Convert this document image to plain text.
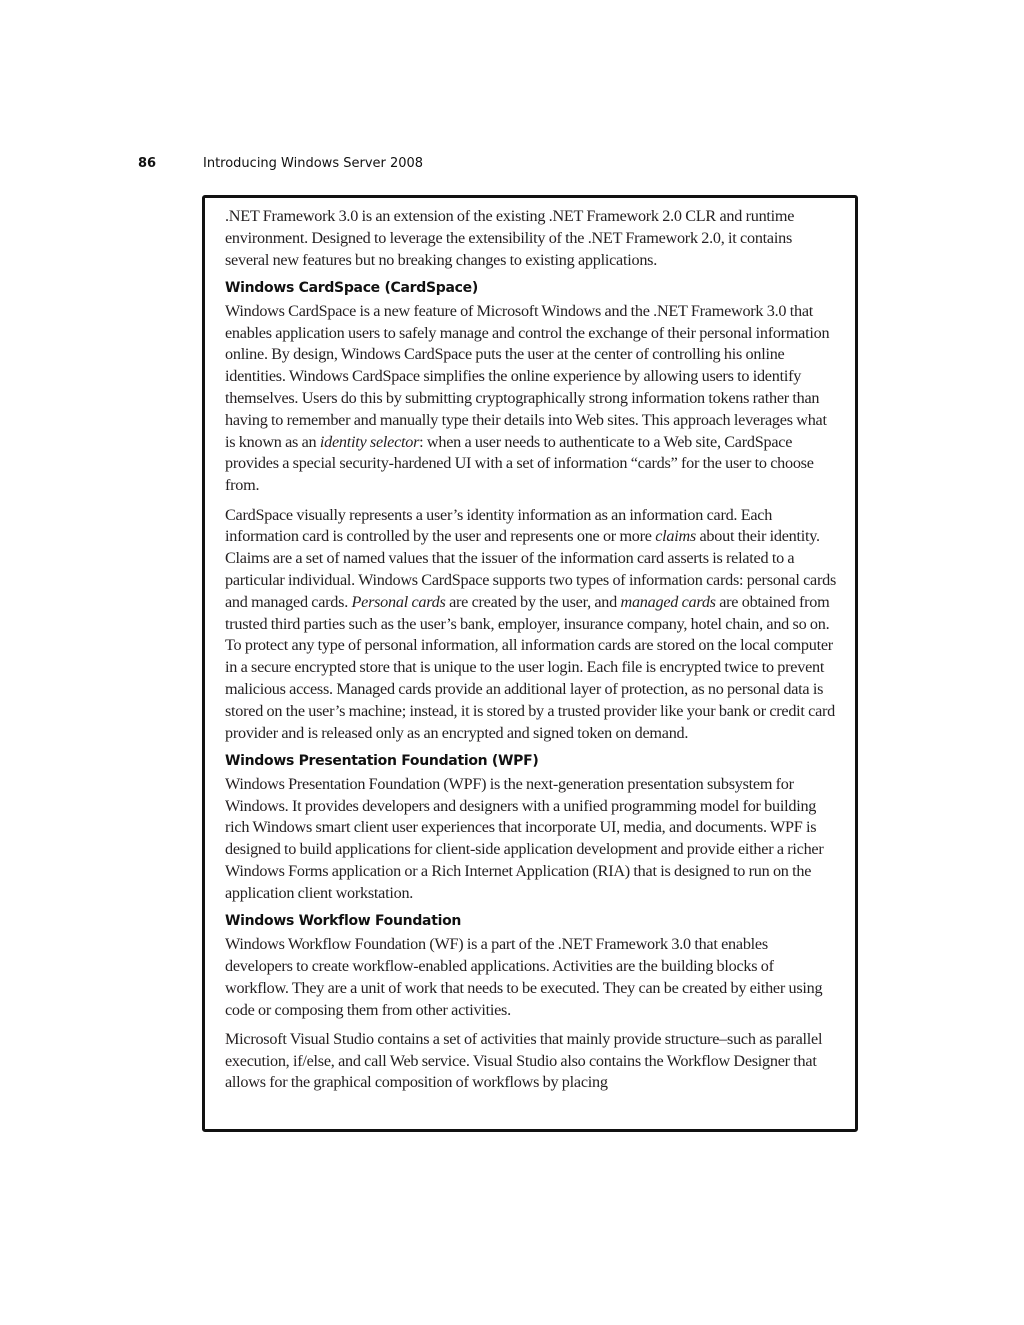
86	Introducing Windows Server 2008

.NET Framework 3.0 is an extension of the existing .NET Framework 2.0 CLR and runtime environment. Designed to leverage the extensibility of the .NET Framework 2.0, it contains several new features but no breaking changes to existing applications.

Windows CardSpace (CardSpace)

Windows CardSpace is a new feature of Microsoft Windows and the .NET Framework 3.0 that enables application users to safely manage and control the exchange of their personal information online. By design, Windows CardSpace puts the user at the center of controlling his online identities. Windows CardSpace simplifies the online experience by allowing users to identify themselves. Users do this by submitting cryptographically strong information tokens rather than having to remember and manually type their details into Web sites. This approach leverages what is known as an identity selector: when a user needs to authenticate to a Web site, CardSpace provides a special security-hardened UI with a set of information “cards” for the user to choose from.

CardSpace visually represents a user’s identity information as an information card. Each information card is controlled by the user and represents one or more claims about their identity. Claims are a set of named values that the issuer of the information card asserts is related to a particular individual. Windows CardSpace supports two types of information cards: personal cards and managed cards. Personal cards are created by the user, and managed cards are obtained from trusted third parties such as the user’s bank, employer, insurance company, hotel chain, and so on. To protect any type of personal information, all information cards are stored on the local computer in a secure encrypted store that is unique to the user login. Each file is encrypted twice to prevent malicious access. Managed cards provide an additional layer of protection, as no personal data is stored on the user’s machine; instead, it is stored by a trusted provider like your bank or credit card provider and is released only as an encrypted and signed token on demand.

Windows Presentation Foundation (WPF)

Windows Presentation Foundation (WPF) is the next-generation presentation subsystem for Windows. It provides developers and designers with a unified programming model for building rich Windows smart client user experiences that incorporate UI, media, and documents. WPF is designed to build applications for client-side application development and provide either a richer Windows Forms application or a Rich Internet Application (RIA) that is designed to run on the application client workstation.

Windows Workflow Foundation

Windows Workflow Foundation (WF) is a part of the .NET Framework 3.0 that enables developers to create workflow-enabled applications. Activities are the building blocks of workflow. They are a unit of work that needs to be executed. They can be created by either using code or composing them from other activities.

Microsoft Visual Studio contains a set of activities that mainly provide structure–such as parallel execution, if/else, and call Web service. Visual Studio also contains the Workflow Designer that allows for the graphical composition of workflows by placing
